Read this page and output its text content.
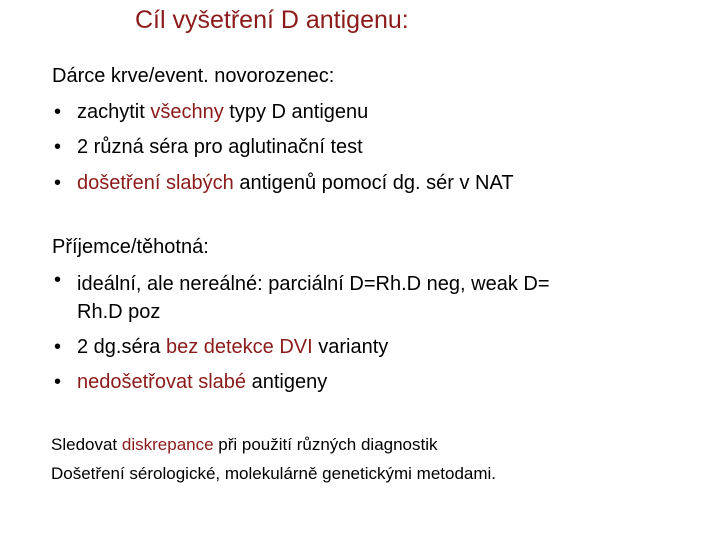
Cíl vyšetření D antigenu:
Dárce krve/event. novorozenec:
• zachytit všechny typy D antigenu
• 2 různá séra pro aglutinační test
• došetření slabých antigenů pomocí dg. sér v NAT
Příjemce/těhotná:
• ideální, ale nereálné: parciální D=Rh.D neg, weak D=
Rh.D poz
• 2 dg.séra bez detekce DVI varianty
• nedošetřovat slabé antigeny
Sledovat diskrepance při použití různých diagnostik
Došetření sérologické, molekulárně genetickými metodami.
